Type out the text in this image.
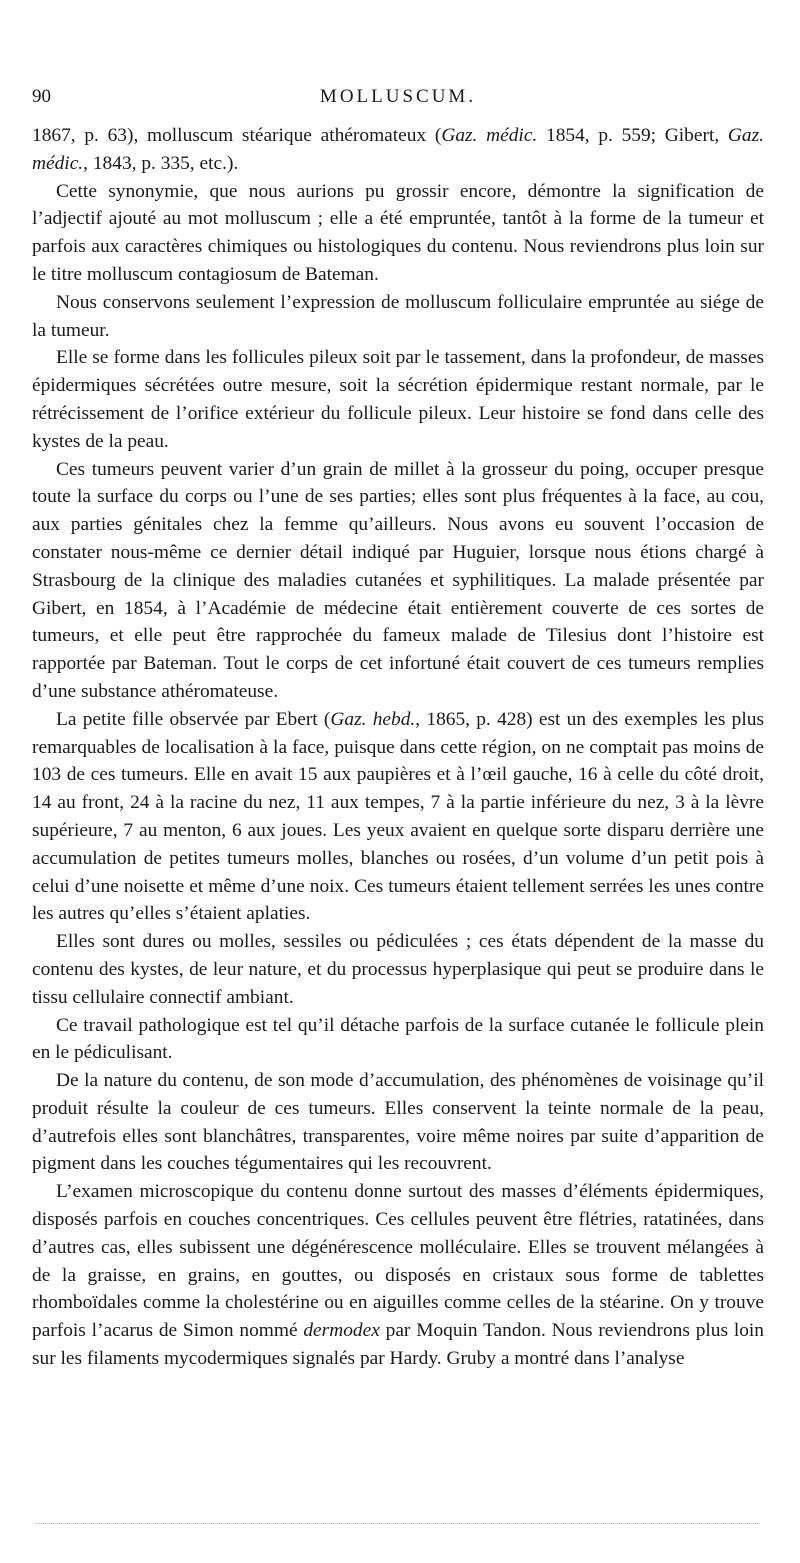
90	MOLLUSCUM.

1867, p. 63), molluscum stéarique athéromateux (Gaz. médic. 1854, p. 559; Gibert, Gaz. médic., 1843, p. 335, etc.).

Cette synonymie, que nous aurions pu grossir encore, démontre la signification de l’adjectif ajouté au mot molluscum ; elle a été empruntée, tantôt à la forme de la tumeur et parfois aux caractères chimiques ou histologiques du contenu. Nous reviendrons plus loin sur le titre molluscum contagiosum de Bateman.

Nous conservons seulement l’expression de molluscum folliculaire empruntée au siége de la tumeur.

Elle se forme dans les follicules pileux soit par le tassement, dans la profondeur, de masses épidermiques sécrétées outre mesure, soit la sécrétion épidermique restant normale, par le rétrécissement de l’orifice extérieur du follicule pileux. Leur histoire se fond dans celle des kystes de la peau.

Ces tumeurs peuvent varier d’un grain de millet à la grosseur du poing, occuper presque toute la surface du corps ou l’une de ses parties; elles sont plus fréquentes à la face, au cou, aux parties génitales chez la femme qu’ailleurs. Nous avons eu souvent l’occasion de constater nous-même ce dernier détail indiqué par Huguier, lorsque nous étions chargé à Strasbourg de la clinique des maladies cutanées et syphilitiques. La malade présentée par Gibert, en 1854, à l’Académie de médecine était entièrement couverte de ces sortes de tumeurs, et elle peut être rapprochée du fameux malade de Tilesius dont l’histoire est rapportée par Bateman. Tout le corps de cet infortuné était couvert de ces tumeurs remplies d’une substance athéromateuse.

La petite fille observée par Ebert (Gaz. hebd., 1865, p. 428) est un des exemples les plus remarquables de localisation à la face, puisque dans cette région, on ne comptait pas moins de 103 de ces tumeurs. Elle en avait 15 aux paupières et à l’œil gauche, 16 à celle du côté droit, 14 au front, 24 à la racine du nez, 11 aux tempes, 7 à la partie inférieure du nez, 3 à la lèvre supérieure, 7 au menton, 6 aux joues. Les yeux avaient en quelque sorte disparu derrière une accumulation de petites tumeurs molles, blanches ou rosées, d’un volume d’un petit pois à celui d’une noisette et même d’une noix. Ces tumeurs étaient tellement serrées les unes contre les autres qu’elles s’étaient aplaties.

Elles sont dures ou molles, sessiles ou pédiculées ; ces états dépendent de la masse du contenu des kystes, de leur nature, et du processus hyperplasique qui peut se produire dans le tissu cellulaire connectif ambiant.

Ce travail pathologique est tel qu’il détache parfois de la surface cutanée le follicule plein en le pédiculisant.

De la nature du contenu, de son mode d’accumulation, des phénomènes de voisinage qu’il produit résulte la couleur de ces tumeurs. Elles conservent la teinte normale de la peau, d’autrefois elles sont blanchâtres, transparentes, voire même noires par suite d’apparition de pigment dans les couches tégumentaires qui les recouvrent.

L’examen microscopique du contenu donne surtout des masses d’éléments épidermiques, disposés parfois en couches concentriques. Ces cellules peuvent être flétries, ratatinées, dans d’autres cas, elles subissent une dégénérescence molléculaire. Elles se trouvent mélangées à de la graisse, en grains, en gouttes, ou disposés en cristaux sous forme de tablettes rhomboïdales comme la cholestérine ou en aiguilles comme celles de la stéarine. On y trouve parfois l’acarus de Simon nommé dermodex par Moquin Tandon. Nous reviendrons plus loin sur les filaments mycodermiques signalés par Hardy. Gruby a montré dans l’analyse
